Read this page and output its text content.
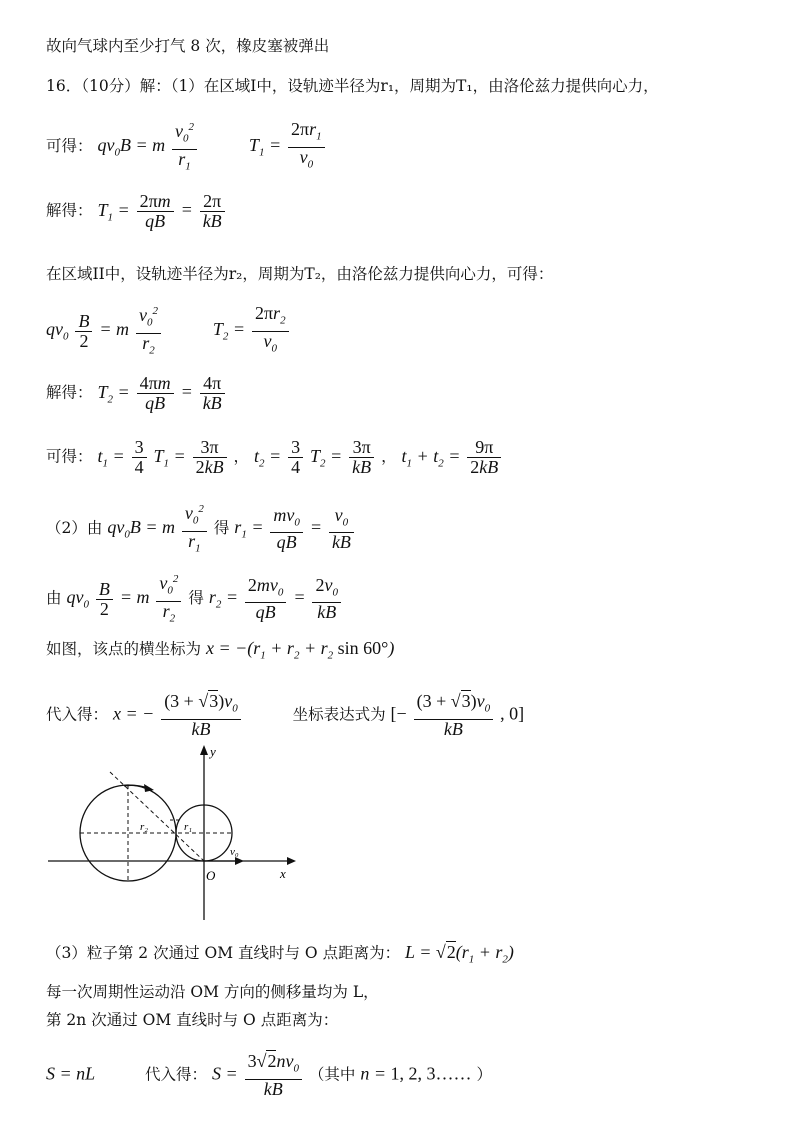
故向气球内至少打气 8 次，橡皮塞被弹出
16．（10分）解：（1）在区域I中，设轨迹半径为r₁，周期为T₁，由洛伦兹力提供向心力，
可得： $qv_0B = m \frac{v_0^2}{r_1}$	$T_1 = \frac{2\pi r_1}{v_0}$
解得： $T_1 = \frac{2\pi m}{qB} = \frac{2\pi}{kB}$
在区域II中，设轨迹半径为r₂，周期为T₂，由洛伦兹力提供向心力，可得：
$qv_0 \frac{B}{2} = m \frac{v_0^2}{r_2}$	$T_2 = \frac{2\pi r_2}{v_0}$
解得： $T_2 = \frac{4\pi m}{qB} = \frac{4\pi}{kB}$
可得： $t_1 = \frac{3}{4} T_1 = \frac{3\pi}{2kB}$ ， $t_2 = \frac{3}{4} T_2 = \frac{3\pi}{kB}$ ， $t_1 + t_2 = \frac{9\pi}{2kB}$
（2）由 $qv_0B = m \frac{v_0^2}{r_1}$ 得 $r_1 = \frac{mv_0}{qB} = \frac{v_0}{kB}$
由 $qv_0 \frac{B}{2} = m \frac{v_0^2}{r_2}$ 得 $r_2 = \frac{2mv_0}{qB} = \frac{2v_0}{kB}$
如图，该点的横坐标为 $x = -(r_1 + r_2 + r_2$ sin 60°)
代入得： x = − $\frac{(3 + √3)v_0}{kB}$	坐标表达式为 [− $\frac{(3 + √3)v_0}{kB}$ , 0]
y
x
O
v₀
r₂	r₁
（3）粒子第 2 次通过 OM 直线时与 O 点距离为： $L = √2(r_1 + r_2)$
每一次周期性运动沿 OM 方向的侧移量均为 L，
第 2n 次通过 OM 直线时与 O 点距离为：
S = nL	代入得： $S = \frac{3√2nv_0}{kB}$ （其中 n = 1, 2, 3…… ）
